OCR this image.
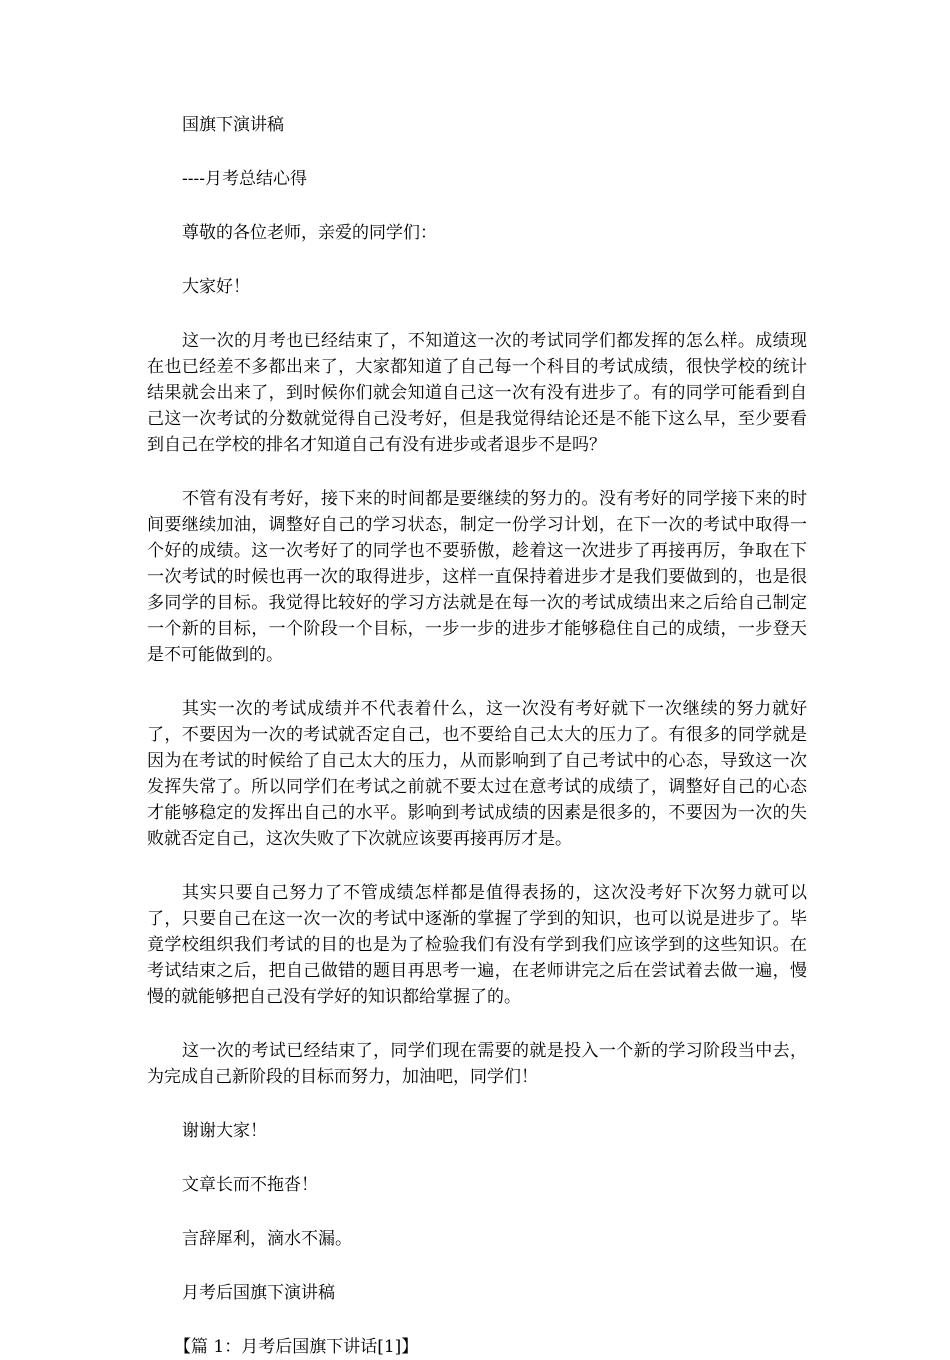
国旗下演讲稿

----月考总结心得

尊敬的各位老师，亲爱的同学们：

大家好！

这一次的月考也已经结束了，不知道这一次的考试同学们都发挥的怎么样。成绩现在也已经差不多都出来了，大家都知道了自己每一个科目的考试成绩，很快学校的统计结果就会出来了，到时候你们就会知道自己这一次有没有进步了。有的同学可能看到自己这一次考试的分数就觉得自己没考好，但是我觉得结论还是不能下这么早，至少要看到自己在学校的排名才知道自己有没有进步或者退步不是吗？

不管有没有考好，接下来的时间都是要继续的努力的。没有考好的同学接下来的时间要继续加油，调整好自己的学习状态，制定一份学习计划，在下一次的考试中取得一个好的成绩。这一次考好了的同学也不要骄傲，趁着这一次进步了再接再厉，争取在下一次考试的时候也再一次的取得进步，这样一直保持着进步才是我们要做到的，也是很多同学的目标。我觉得比较好的学习方法就是在每一次的考试成绩出来之后给自己制定一个新的目标，一个阶段一个目标，一步一步的进步才能够稳住自己的成绩，一步登天是不可能做到的。

其实一次的考试成绩并不代表着什么，这一次没有考好就下一次继续的努力就好了，不要因为一次的考试就否定自己，也不要给自己太大的压力了。有很多的同学就是因为在考试的时候给了自己太大的压力，从而影响到了自己考试中的心态，导致这一次发挥失常了。所以同学们在考试之前就不要太过在意考试的成绩了，调整好自己的心态才能够稳定的发挥出自己的水平。影响到考试成绩的因素是很多的，不要因为一次的失败就否定自己，这次失败了下次就应该要再接再厉才是。

其实只要自己努力了不管成绩怎样都是值得表扬的，这次没考好下次努力就可以了，只要自己在这一次一次的考试中逐渐的掌握了学到的知识，也可以说是进步了。毕竟学校组织我们考试的目的也是为了检验我们有没有学到我们应该学到的这些知识。在考试结束之后，把自己做错的题目再思考一遍，在老师讲完之后在尝试着去做一遍，慢慢的就能够把自己没有学好的知识都给掌握了的。

这一次的考试已经结束了，同学们现在需要的就是投入一个新的学习阶段当中去，为完成自己新阶段的目标而努力，加油吧，同学们！

谢谢大家！

文章长而不拖沓！

言辞犀利，滴水不漏。

月考后国旗下演讲稿

【篇 1：月考后国旗下讲话[1]】
